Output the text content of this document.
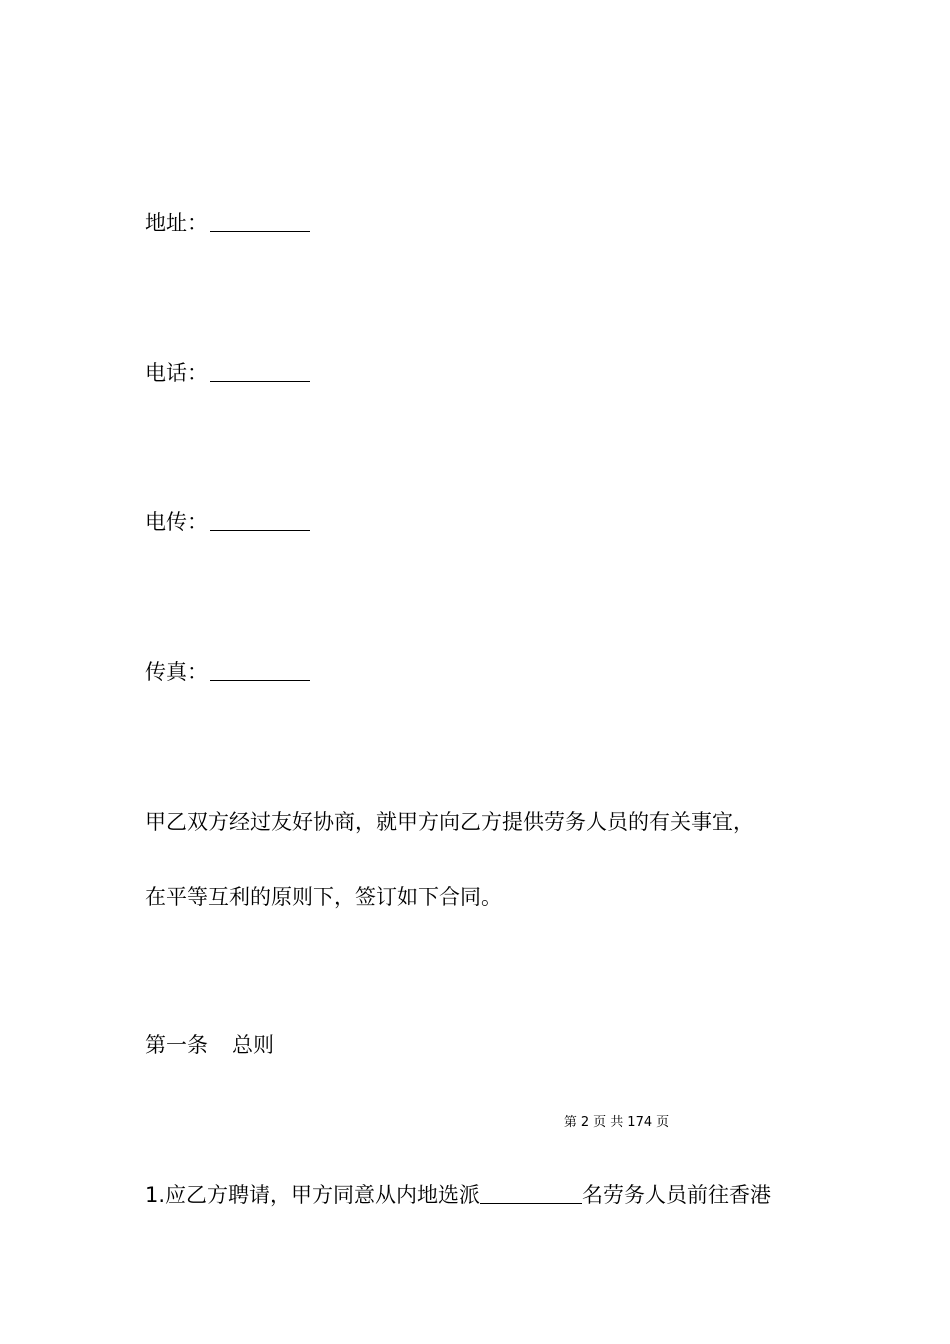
地址：
电话：
电传：
传真：
甲乙双方经过友好协商，就甲方向乙方提供劳务人员的有关事宜，
在平等互利的原则下，签订如下合同。
第一条 总则
第 2 页 共 174 页
1.应乙方聘请，甲方同意从内地选派	名劳务人员前往香港
